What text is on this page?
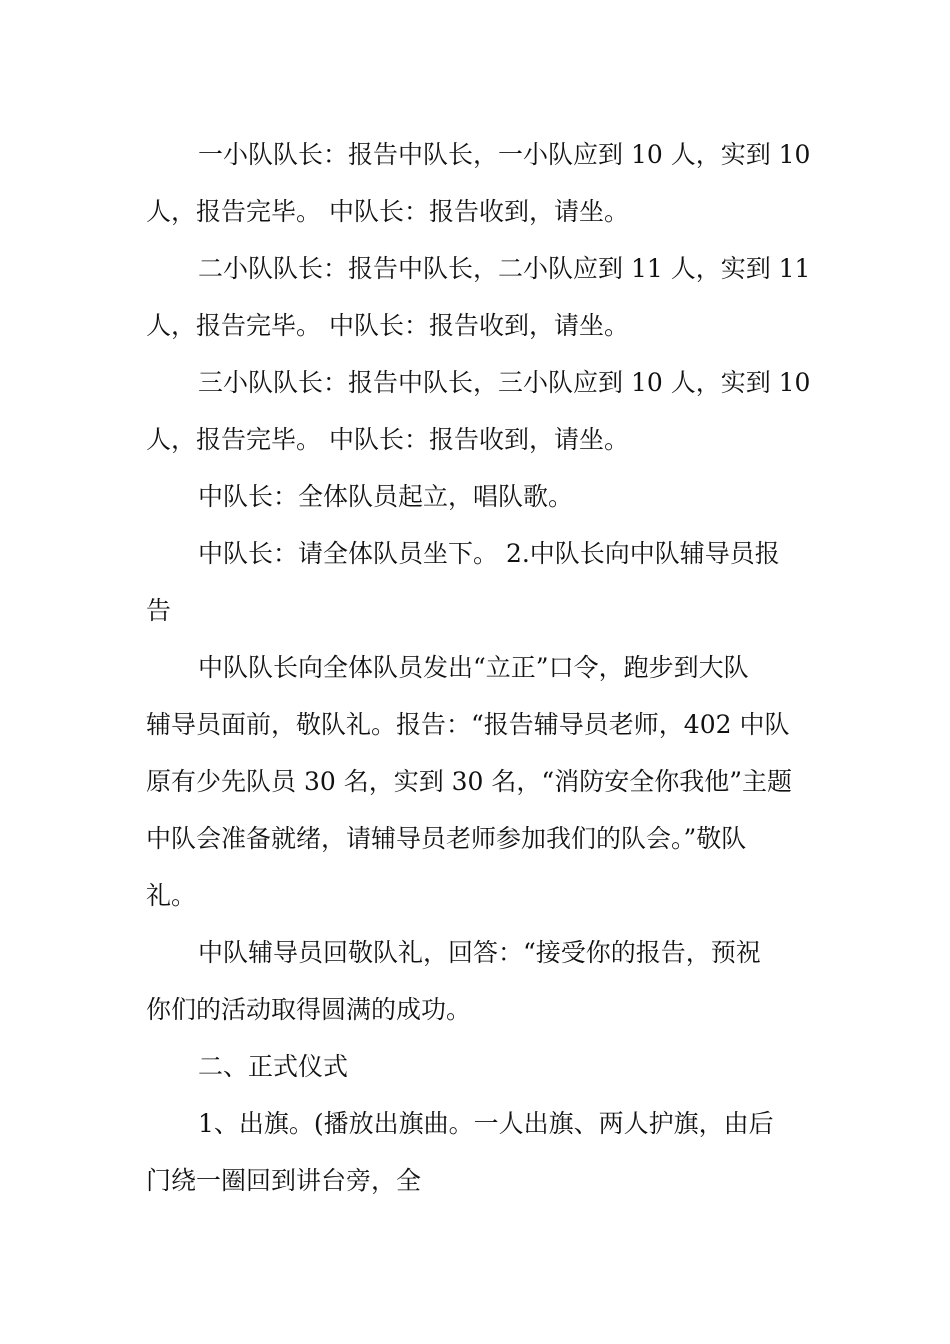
一小队队长：报告中队长，一小队应到 10 人，实到 10
人，报告完毕。 中队长：报告收到，请坐。

二小队队长：报告中队长，二小队应到 11 人，实到 11
人，报告完毕。 中队长：报告收到，请坐。

三小队队长：报告中队长，三小队应到 10 人，实到 10
人，报告完毕。 中队长：报告收到，请坐。

中队长：全体队员起立，唱队歌。

中队长：请全体队员坐下。 2.中队长向中队辅导员报
告

中队队长向全体队员发出“立正”口令，跑步到大队
辅导员面前，敬队礼。报告：“报告辅导员老师，402 中队
原有少先队员 30 名，实到 30 名，“消防安全你我他”主题
中队会准备就绪，请辅导员老师参加我们的队会。”敬队
礼。

中队辅导员回敬队礼，回答：“接受你的报告，预祝
你们的活动取得圆满的成功。

二、正式仪式

1、出旗。(播放出旗曲。一人出旗、两人护旗，由后
门绕一圈回到讲台旁，全
